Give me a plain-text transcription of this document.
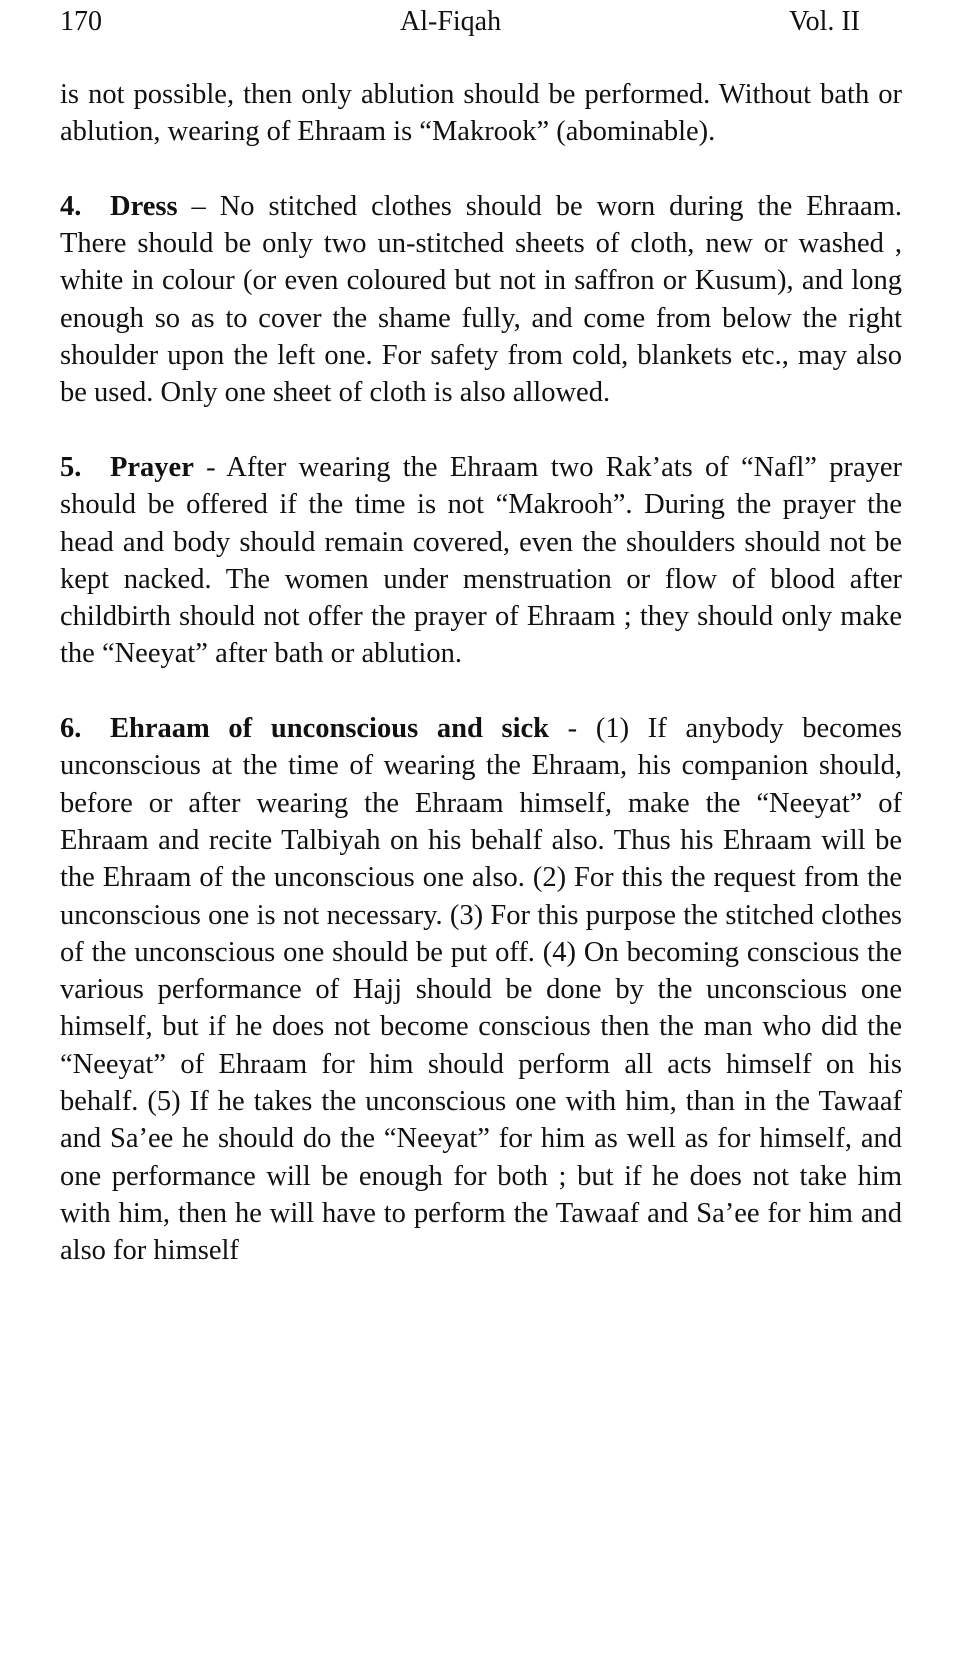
170	Al-Fiqah	Vol. II

is not possible, then only ablution should be performed. Without bath or ablution, wearing of Ehraam is “Makrook” (abominable).

4. Dress – No stitched clothes should be worn during the Ehraam. There should be only two un-stitched sheets of cloth, new or washed , white in colour (or even coloured but not in saffron or Kusum), and long enough so as to cover the shame fully, and come from below the right shoulder upon the left one. For safety from cold, blankets etc., may also be used. Only one sheet of cloth is also allowed.

5. Prayer - After wearing the Ehraam two Rak’ats of “Nafl” prayer should be offered if the time is not “Makrooh”. During the prayer the head and body should remain covered, even the shoulders should not be kept nacked. The women under menstruation or flow of blood after childbirth should not offer the prayer of Ehraam ; they should only make the “Neeyat” after bath or ablution.

6. Ehraam of unconscious and sick - (1) If anybody becomes unconscious at the time of wearing the Ehraam, his companion should, before or after wearing the Ehraam himself, make the “Neeyat” of Ehraam and recite Talbiyah on his behalf also. Thus his Ehraam will be the Ehraam of the unconscious one also. (2) For this the request from the unconscious one is not necessary. (3) For this purpose the stitched clothes of the unconscious one should be put off. (4) On becoming conscious the various performance of Hajj should be done by the unconscious one himself, but if he does not become conscious then the man who did the “Neeyat” of Ehraam for him should perform all acts himself on his behalf. (5) If he takes the unconscious one with him, than in the Tawaaf and Sa’ee he should do the “Neeyat” for him as well as for himself, and one performance will be enough for both ; but if he does not take him with him, then he will have to perform the Tawaaf and Sa’ee for him and also for himself
